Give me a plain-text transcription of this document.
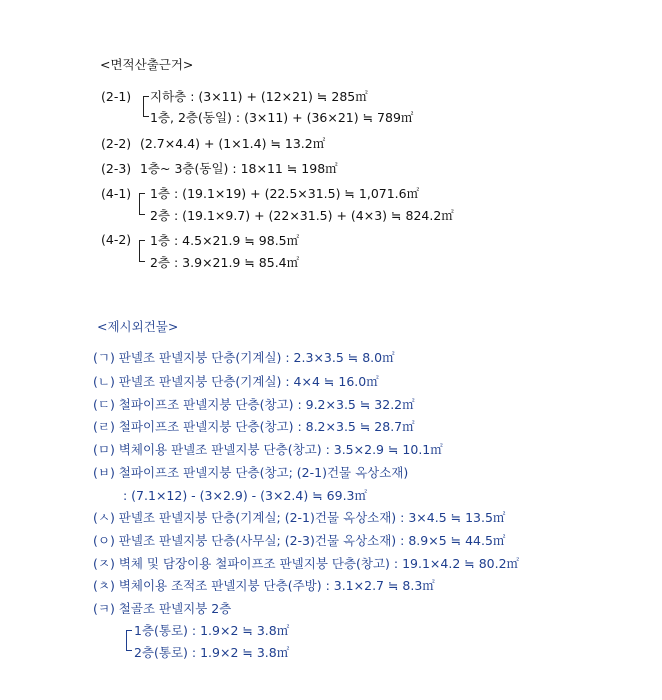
<면적산출근거>
(2-1) 지하층 : (3×11) + (12×21) ≒ 285㎡
1층, 2층(동일) : (3×11) + (36×21) ≒ 789㎡
(2-2) (2.7×4.4) + (1×1.4) ≒ 13.2㎡
(2-3) 1층~ 3층(동일) : 18×11 ≒ 198㎡
(4-1) 1층 : (19.1×19) + (22.5×31.5) ≒ 1,071.6㎡
2층 : (19.1×9.7) + (22×31.5) + (4×3) ≒ 824.2㎡
(4-2) 1층 : 4.5×21.9 ≒ 98.5㎡
2층 : 3.9×21.9 ≒ 85.4㎡
<제시외건물>
(ㄱ) 판넬조 판넬지붕 단층(기계실) : 2.3×3.5 ≒ 8.0㎡
(ㄴ) 판넬조 판넬지붕 단층(기계실) : 4×4 ≒ 16.0㎡
(ㄷ) 철파이프조 판넬지붕 단층(창고) : 9.2×3.5 ≒ 32.2㎡
(ㄹ) 철파이프조 판넬지붕 단층(창고) : 8.2×3.5 ≒ 28.7㎡
(ㅁ) 벽체이용 판넬조 판넬지붕 단층(창고) : 3.5×2.9 ≒ 10.1㎡
(ㅂ) 철파이프조 판넬지붕 단층(창고; (2-1)건물 옥상소재)
: (7.1×12) - (3×2.9) - (3×2.4) ≒ 69.3㎡
(ㅅ) 판넬조 판넬지붕 단층(기계실; (2-1)건물 옥상소재) : 3×4.5 ≒ 13.5㎡
(ㅇ) 판넬조 판넬지붕 단층(사무실; (2-3)건물 옥상소재) : 8.9×5 ≒ 44.5㎡
(ㅈ) 벽체 및 담장이용 철파이프조 판넬지붕 단층(창고) : 19.1×4.2 ≒ 80.2㎡
(ㅊ) 벽체이용 조적조 판넬지붕 단층(주방) : 3.1×2.7 ≒ 8.3㎡
(ㅋ) 철골조 판넬지붕 2층
1층(통로) : 1.9×2 ≒ 3.8㎡
2층(통로) : 1.9×2 ≒ 3.8㎡
